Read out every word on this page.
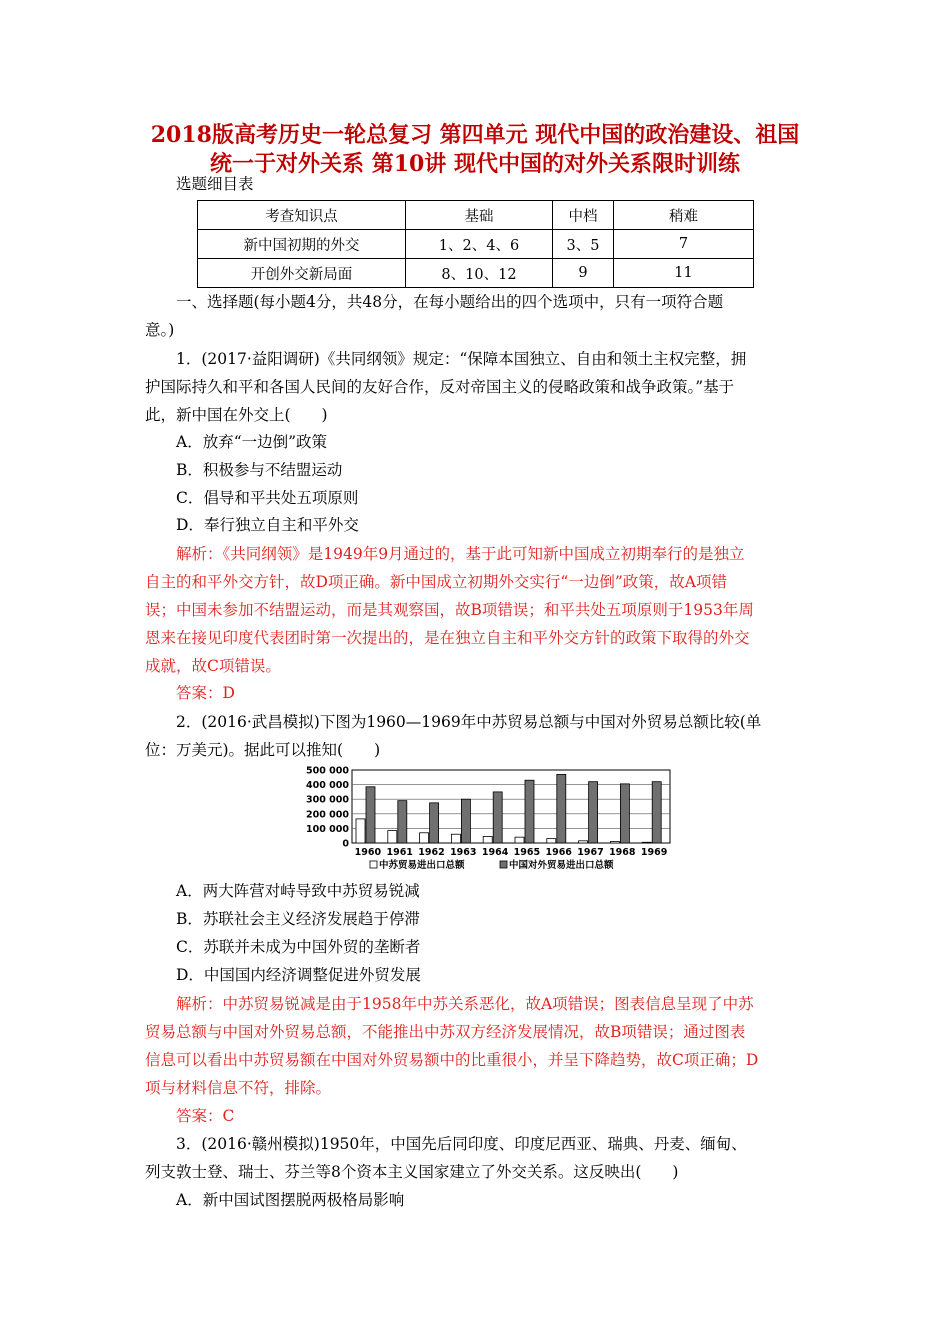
2018版高考历史一轮总复习 第四单元 现代中国的政治建设、祖国
统一于对外关系 第10讲 现代中国的对外关系限时训练
选题细目表
考查知识点	基础	中档	稍难
新中国初期的外交	1、2、4、6	3、5	7
开创外交新局面	8、10、12	9	11
一、选择题(每小题4分，共48分，在每小题给出的四个选项中，只有一项符合题
意。)
1．(2017·益阳调研)《共同纲领》规定：“保障本国独立、自由和领土主权完整，拥
护国际持久和平和各国人民间的友好合作，反对帝国主义的侵略政策和战争政策。”基于
此，新中国在外交上(　　)
A．放弃“一边倒”政策
B．积极参与不结盟运动
C．倡导和平共处五项原则
D．奉行独立自主和平外交
解析：《共同纲领》是1949年9月通过的，基于此可知新中国成立初期奉行的是独立
自主的和平外交方针，故D项正确。新中国成立初期外交实行“一边倒”政策，故A项错
误；中国未参加不结盟运动，而是其观察国，故B项错误；和平共处五项原则于1953年周
恩来在接见印度代表团时第一次提出的，是在独立自主和平外交方针的政策下取得的外交
成就，故C项错误。
答案：D
2．(2016·武昌模拟)下图为1960—1969年中苏贸易总额与中国对外贸易总额比较(单
位：万美元)。据此可以推知(　　)
0
100 000
200 000
300 000
400 000
500 000
1960 1961 1962 1963 1964 1965 1966 1967 1968 1969
中苏贸易进出口总额	中国对外贸易进出口总额
A．两大阵营对峙导致中苏贸易锐减
B．苏联社会主义经济发展趋于停滞
C．苏联并未成为中国外贸的垄断者
D．中国国内经济调整促进外贸发展
解析：中苏贸易锐减是由于1958年中苏关系恶化，故A项错误；图表信息呈现了中苏
贸易总额与中国对外贸易总额，不能推出中苏双方经济发展情况，故B项错误；通过图表
信息可以看出中苏贸易额在中国对外贸易额中的比重很小，并呈下降趋势，故C项正确；D
项与材料信息不符，排除。
答案：C
3．(2016·赣州模拟)1950年，中国先后同印度、印度尼西亚、瑞典、丹麦、缅甸、
列支敦士登、瑞士、芬兰等8个资本主义国家建立了外交关系。这反映出(　　)
A．新中国试图摆脱两极格局影响
